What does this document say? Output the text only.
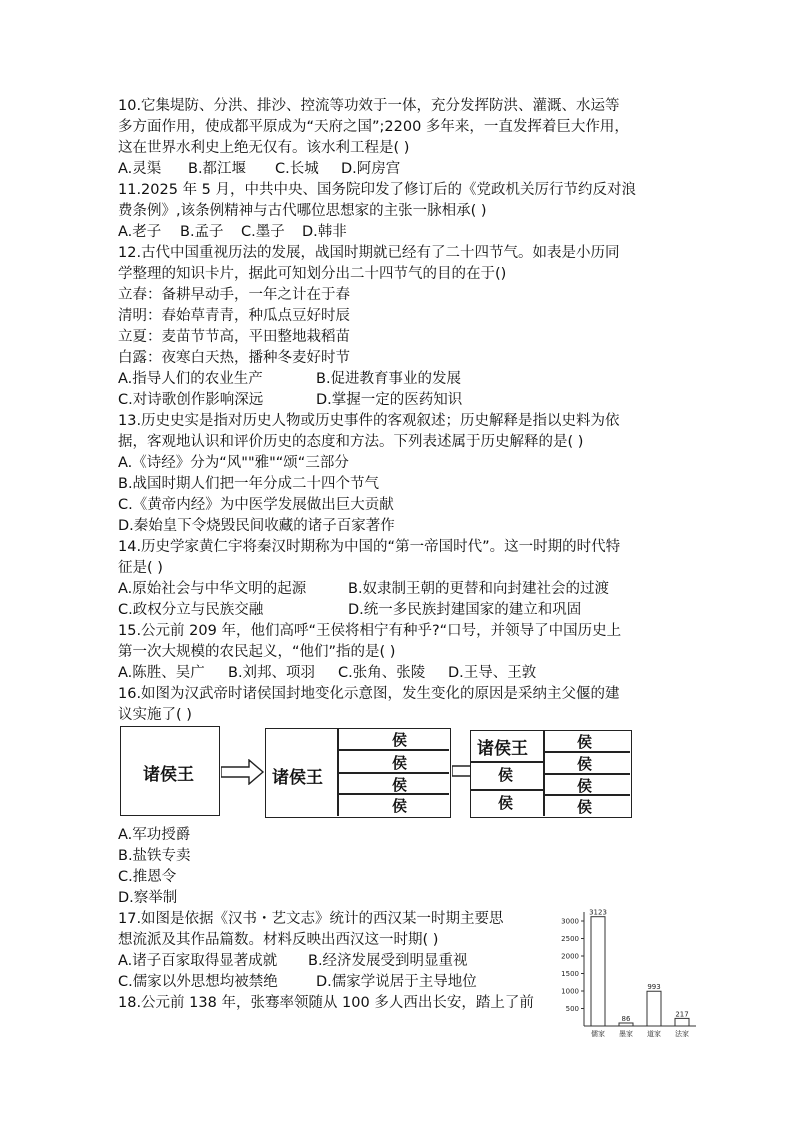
10.它集堤防、分洪、排沙、控流等功效于一体，充分发挥防洪、灌溉、水运等
多方面作用，使成都平原成为“天府之国”;2200 多年来，一直发挥着巨大作用，
这在世界水利史上绝无仅有。该水利工程是( )
A.灵渠 B.都江堰 C.长城 D.阿房宫
11.2025 年 5 月，中共中央、国务院印发了修订后的《党政机关厉行节约反对浪
费条例》,该条例精神与古代哪位思想家的主张一脉相承( )
A.老子 B.孟子 C.墨子 D.韩非
12.古代中国重视历法的发展，战国时期就已经有了二十四节气。如表是小历同
学整理的知识卡片，据此可知划分出二十四节气的目的在于()
立春：备耕早动手，一年之计在于春
清明：春始草青青，种瓜点豆好时辰
立夏：麦苗节节高，平田整地栽稻苗
白露：夜寒白天热，播种冬麦好时节
A.指导人们的农业生产	B.促进教育事业的发展
C.对诗歌创作影响深远	D.掌握一定的医药知识
13.历史史实是指对历史人物或历史事件的客观叙述；历史解释是指以史料为依
据，客观地认识和评价历史的态度和方法。下列表述属于历史解释的是( )
A.《诗经》分为“风""雅"“颂“三部分
B.战国时期人们把一年分成二十四个节气
C.《黄帝内经》为中医学发展做出巨大贡献
D.秦始皇下令烧毁民间收藏的诸子百家著作
14.历史学家黄仁宇将秦汉时期称为中国的“第一帝国时代”。这一时期的时代特
征是( )
A.原始社会与中华文明的起源	B.奴隶制王朝的更替和向封建社会的过渡
C.政权分立与民族交融	D.统一多民族封建国家的建立和巩固
15.公元前 209 年，他们高呼“王侯将相宁有种乎?“口号，并领导了中国历史上
第一次大规模的农民起义，“他们”指的是( )
A.陈胜、吴广 B.刘邦、项羽 C.张角、张陵 D.王导、王敦
16.如图为汉武帝时诸侯国封地变化示意图，发生变化的原因是采纳主父偃的建
议实施了( )
诸侯王	诸侯王
侯
侯
侯
侯
诸侯王
侯
侯
侯
侯
侯
侯
A.军功授爵
B.盐铁专卖
C.推恩令
D.察举制
17.如图是依据《汉书・艺文志》统计的西汉某一时期主要思
想流派及其作品篇数。材料反映出西汉这一时期( )
A.诸子百家取得显著成就 B.经济发展受到明显重视
C.儒家以外思想均被禁绝	D.儒家学说居于主导地位
18.公元前 138 年，张骞率领随从 100 多人西出长安，踏上了前
3000
2500
2000
1500
1000
500
3123
儒家
86
墨家
993
道家
217
法家
